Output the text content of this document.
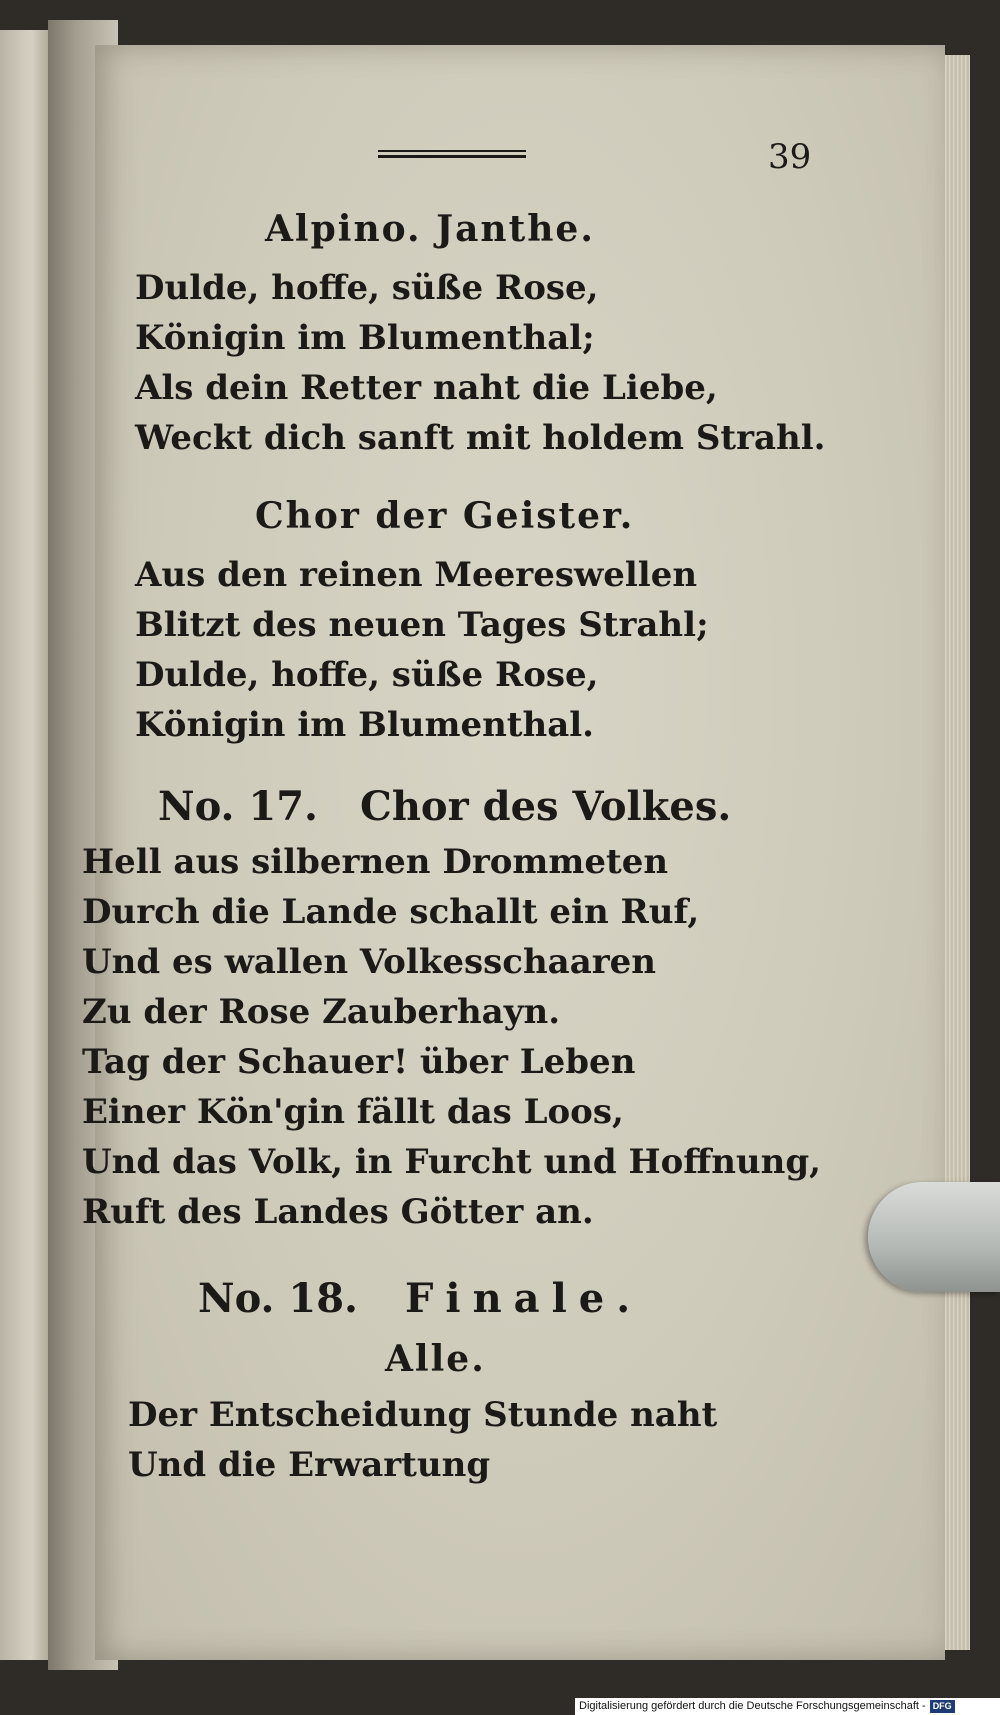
39
Alpino. Janthe.
Dulde, hoffe, süße Rose,
Königin im Blumenthal;
Als dein Retter naht die Liebe,
Weckt dich sanft mit holdem Strahl.
Chor der Geister.
Aus den reinen Meereswellen
Blitzt des neuen Tages Strahl;
Dulde, hoffe, süße Rose,
Königin im Blumenthal.
No. 17. Chor des Volkes.
Hell aus silbernen Drommeten
Durch die Lande schallt ein Ruf,
Und es wallen Volkesschaaren
Zu der Rose Zauberhayn.
Tag der Schauer! über Leben
Einer Kön'gin fällt das Loos,
Und das Volk, in Furcht und Hoffnung,
Ruft des Landes Götter an.
No. 18. Finale.
Alle.
Der Entscheidung Stunde naht
Und die Erwartung
Digitalisierung gefördert durch die Deutsche Forschungsgemeinschaft - DFG
